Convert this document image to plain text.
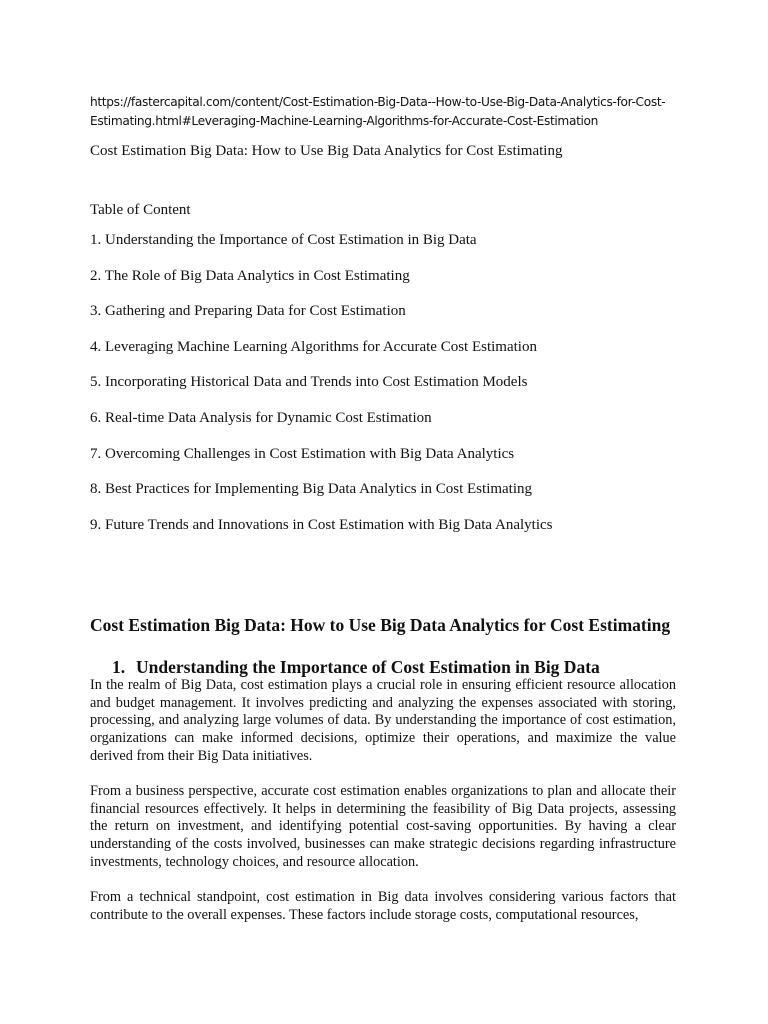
https://fastercapital.com/content/Cost-Estimation-Big-Data--How-to-Use-Big-Data-Analytics-for-Cost-Estimating.html#Leveraging-Machine-Learning-Algorithms-for-Accurate-Cost-Estimation
Cost Estimation Big Data: How to Use Big Data Analytics for Cost Estimating
Table of Content
1. Understanding the Importance of Cost Estimation in Big Data
2. The Role of Big Data Analytics in Cost Estimating
3. Gathering and Preparing Data for Cost Estimation
4. Leveraging Machine Learning Algorithms for Accurate Cost Estimation
5. Incorporating Historical Data and Trends into Cost Estimation Models
6. Real-time Data Analysis for Dynamic Cost Estimation
7. Overcoming Challenges in Cost Estimation with Big Data Analytics
8. Best Practices for Implementing Big Data Analytics in Cost Estimating
9. Future Trends and Innovations in Cost Estimation with Big Data Analytics
Cost Estimation Big Data: How to Use Big Data Analytics for Cost Estimating
1. Understanding the Importance of Cost Estimation in Big Data

In the realm of Big Data, cost estimation plays a crucial role in ensuring efficient resource allocation and budget management. It involves predicting and analyzing the expenses associated with storing, processing, and analyzing large volumes of data. By understanding the importance of cost estimation, organizations can make informed decisions, optimize their operations, and maximize the value derived from their Big Data initiatives.

From a business perspective, accurate cost estimation enables organizations to plan and allocate their financial resources effectively. It helps in determining the feasibility of Big Data projects, assessing the return on investment, and identifying potential cost-saving opportunities. By having a clear understanding of the costs involved, businesses can make strategic decisions regarding infrastructure investments, technology choices, and resource allocation.

From a technical standpoint, cost estimation in Big data involves considering various factors that contribute to the overall expenses. These factors include storage costs, computational resources,
